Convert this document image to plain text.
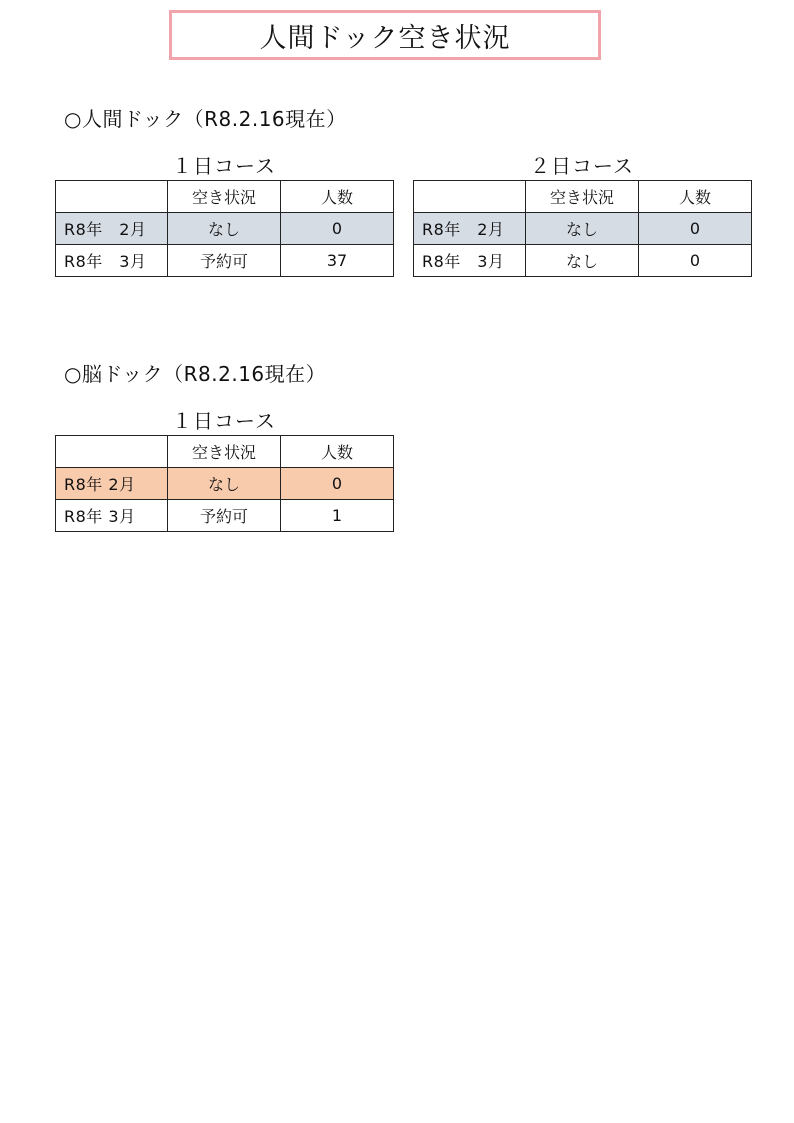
人間ドック空き状況
○人間ドック（R8.2.16現在）
１日コース
	空き状況	人数
R8年　2月	なし	0
R8年　3月	予約可	37
２日コース
	空き状況	人数
R8年　2月	なし	0
R8年　3月	なし	0
○脳ドック（R8.2.16現在）
１日コース
	空き状況	人数
R8年 2月	なし	0
R8年 3月	予約可	1
